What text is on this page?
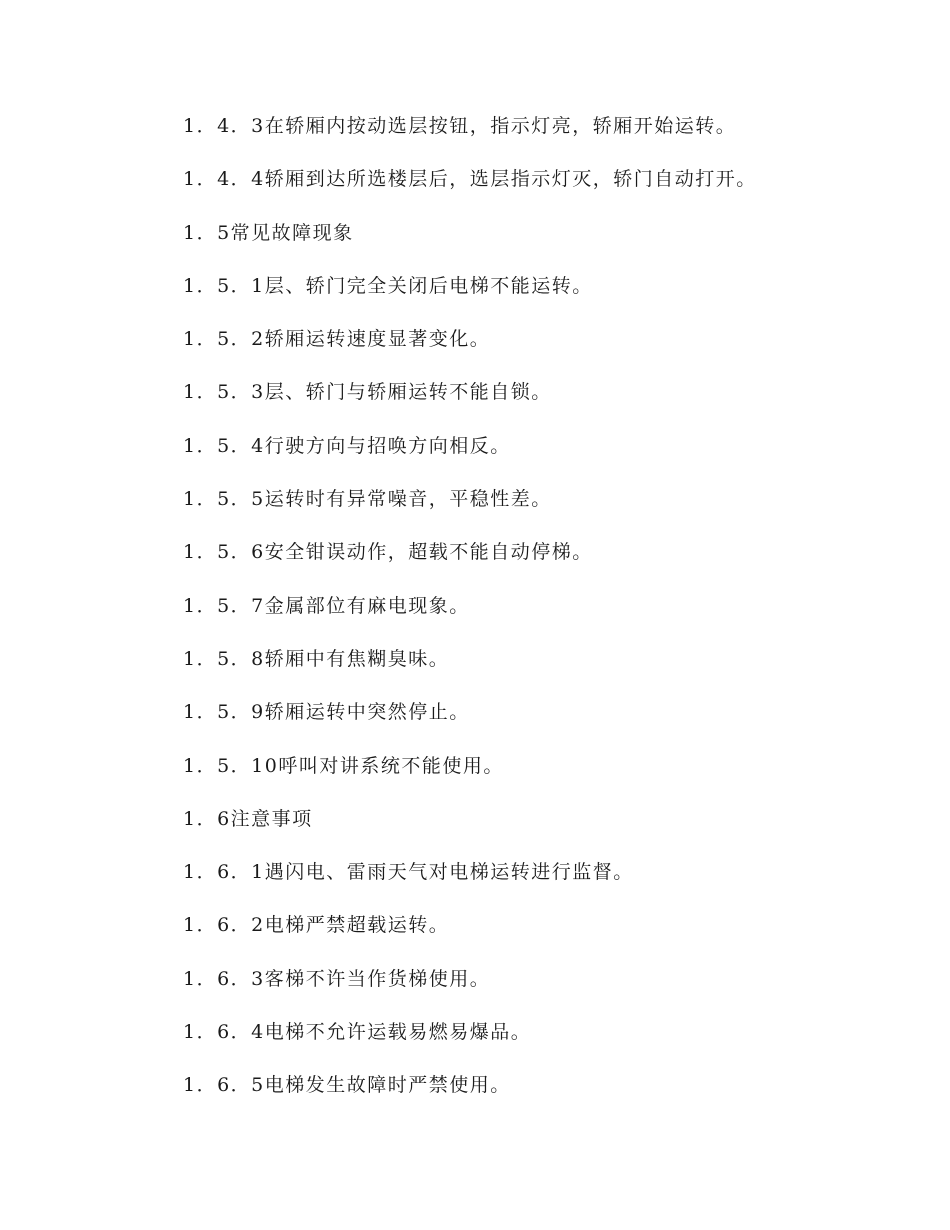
1．4．3在轿厢内按动选层按钮，指示灯亮，轿厢开始运转。
1．4．4轿厢到达所选楼层后，选层指示灯灭，轿门自动打开。
1．5常见故障现象
1．5．1层、轿门完全关闭后电梯不能运转。
1．5．2轿厢运转速度显著变化。
1．5．3层、轿门与轿厢运转不能自锁。
1．5．4行驶方向与招唤方向相反。
1．5．5运转时有异常噪音，平稳性差。
1．5．6安全钳误动作，超载不能自动停梯。
1．5．7金属部位有麻电现象。
1．5．8轿厢中有焦糊臭味。
1．5．9轿厢运转中突然停止。
1．5．10呼叫对讲系统不能使用。
1．6注意事项
1．6．1遇闪电、雷雨天气对电梯运转进行监督。
1．6．2电梯严禁超载运转。
1．6．3客梯不许当作货梯使用。
1．6．4电梯不允许运载易燃易爆品。
1．6．5电梯发生故障时严禁使用。
